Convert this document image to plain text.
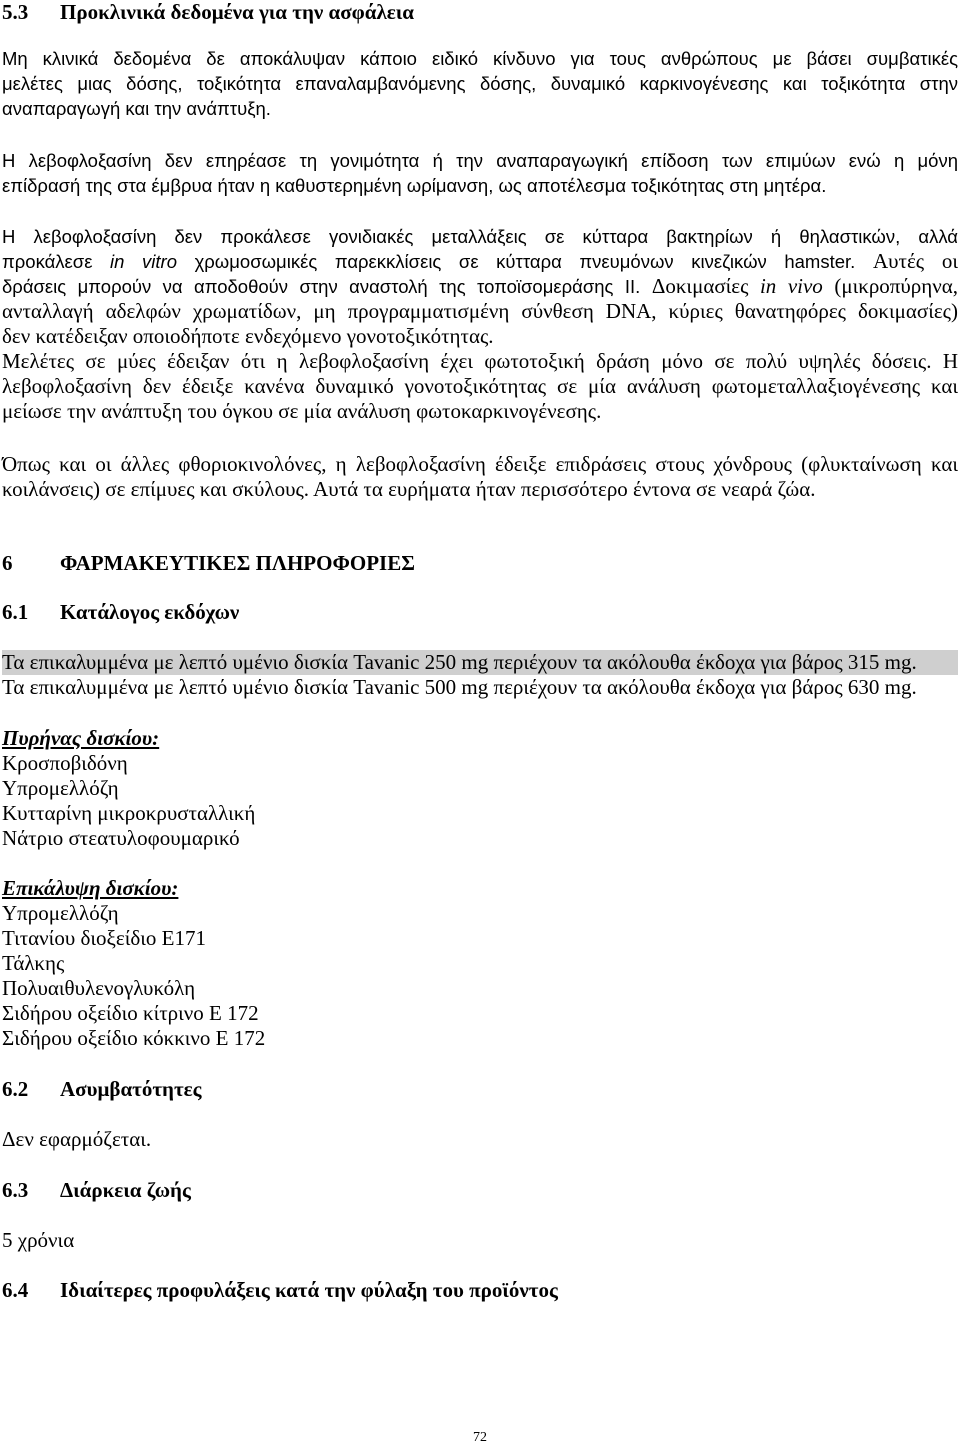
5.3 Προκλινικά δεδομένα για την ασφάλεια
Μη κλινικά δεδομένα δε αποκάλυψαν κάποιο ειδικό κίνδυνο για τους ανθρώπους με βάσει συμβατικές
μελέτες μιας δόσης, τοξικότητα επαναλαμβανόμενης δόσης, δυναμικό καρκινογένεσης και τοξικότητα στην
αναπαραγωγή και την ανάπτυξη.
Η λεβοφλοξασίνη δεν επηρέασε τη γονιμότητα ή την αναπαραγωγική επίδοση των επιμύων ενώ η μόνη
επίδρασή της στα έμβρυα ήταν η καθυστερημένη ωρίμανση, ως αποτέλεσμα τοξικότητας στη μητέρα.
Η λεβοφλοξασίνη δεν προκάλεσε γονιδιακές μεταλλάξεις σε κύτταρα βακτηρίων ή θηλαστικών, αλλά
προκάλεσε in vitro χρωμοσωμικές παρεκκλίσεις σε κύτταρα πνευμόνων κινεζικών hamster. Αυτές οι
δράσεις μπορούν να αποδοθούν στην αναστολή της τοποϊσομεράσης II. Δοκιμασίες in vivo (μικροπύρηνα,
ανταλλαγή αδελφών χρωματίδων, μη προγραμματισμένη σύνθεση DNA, κύριες θανατηφόρες δοκιμασίες)
δεν κατέδειξαν οποιοδήποτε ενδεχόμενο γονοτοξικότητας.
Μελέτες σε μύες έδειξαν ότι η λεβοφλοξασίνη έχει φωτοτοξική δράση μόνο σε πολύ υψηλές δόσεις. Η
λεβοφλοξασίνη δεν έδειξε κανένα δυναμικό γονοτοξικότητας σε μία ανάλυση φωτομεταλλαξιογένεσης και
μείωσε την ανάπτυξη του όγκου σε μία ανάλυση φωτοκαρκινογένεσης.
Όπως και οι άλλες φθοριοκινολόνες, η λεβοφλοξασίνη έδειξε επιδράσεις στους χόνδρους (φλυκταίνωση και
κοιλάνσεις) σε επίμυες και σκύλους. Αυτά τα ευρήματα ήταν περισσότερο έντονα σε νεαρά ζώα.
6 ΦΑΡΜΑΚΕΥΤΙΚΕΣ ΠΛΗΡΟΦΟΡΙΕΣ
6.1 Κατάλογος εκδόχων
Τα επικαλυμμένα με λεπτό υμένιο δισκία Tavanic 250 mg περιέχουν τα ακόλουθα έκδοχα για βάρος 315 mg.
Τα επικαλυμμένα με λεπτό υμένιο δισκία Tavanic 500 mg περιέχουν τα ακόλουθα έκδοχα για βάρος 630 mg.
Πυρήνας δισκίου:
Κροσποβιδόνη
Υπρομελλόζη
Κυτταρίνη μικροκρυσταλλική
Νάτριο στεατυλοφουμαρικό
Επικάλυψη δισκίου:
Υπρομελλόζη
Τιτανίου διοξείδιο E171
Τάλκης
Πολυαιθυλενογλυκόλη
Σιδήρου οξείδιο κίτρινο E 172
Σιδήρου οξείδιο κόκκινο E 172
6.2 Ασυμβατότητες
Δεν εφαρμόζεται.
6.3 Διάρκεια ζωής
5 χρόνια
6.4 Ιδιαίτερες προφυλάξεις κατά την φύλαξη του προϊόντος
72
